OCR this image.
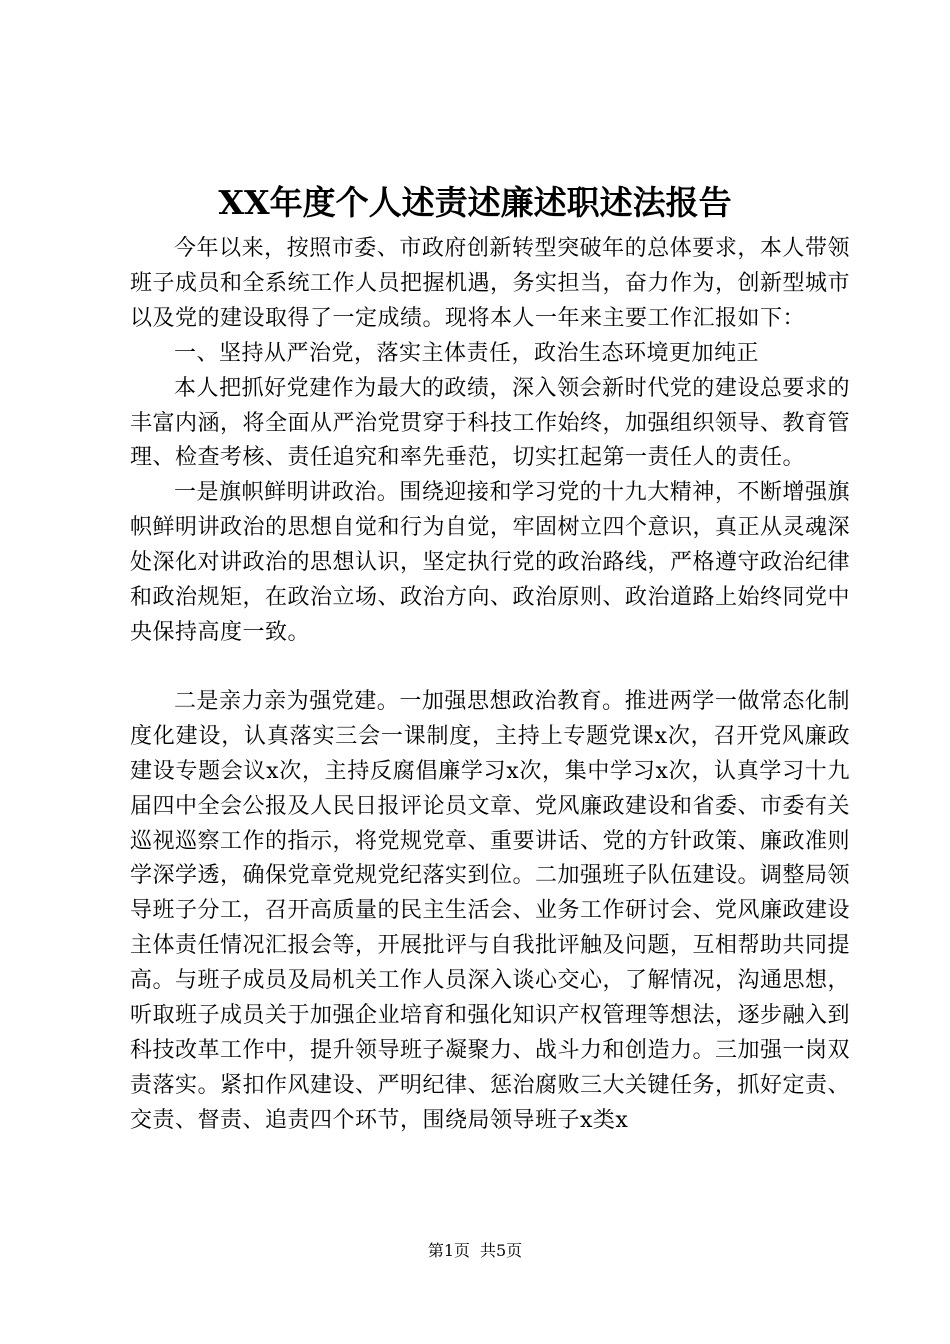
XX年度个人述责述廉述职述法报告

今年以来，按照市委、市政府创新转型突破年的总体要求，本人带领班子成员和全系统工作人员把握机遇，务实担当，奋力作为，创新型城市以及党的建设取得了一定成绩。现将本人一年来主要工作汇报如下：

一、坚持从严治党，落实主体责任，政治生态环境更加纯正

本人把抓好党建作为最大的政绩，深入领会新时代党的建设总要求的丰富内涵，将全面从严治党贯穿于科技工作始终，加强组织领导、教育管理、检查考核、责任追究和率先垂范，切实扛起第一责任人的责任。

一是旗帜鲜明讲政治。围绕迎接和学习党的十九大精神，不断增强旗帜鲜明讲政治的思想自觉和行为自觉，牢固树立四个意识，真正从灵魂深处深化对讲政治的思想认识，坚定执行党的政治路线，严格遵守政治纪律和政治规矩，在政治立场、政治方向、政治原则、政治道路上始终同党中央保持高度一致。

二是亲力亲为强党建。一加强思想政治教育。推进两学一做常态化制度化建设，认真落实三会一课制度，主持上专题党课x次，召开党风廉政建设专题会议x次，主持反腐倡廉学习x次，集中学习x次，认真学习十九届四中全会公报及人民日报评论员文章、党风廉政建设和省委、市委有关巡视巡察工作的指示，将党规党章、重要讲话、党的方针政策、廉政准则学深学透，确保党章党规党纪落实到位。二加强班子队伍建设。调整局领导班子分工，召开高质量的民主生活会、业务工作研讨会、党风廉政建设主体责任情况汇报会等，开展批评与自我批评触及问题，互相帮助共同提高。与班子成员及局机关工作人员深入谈心交心，了解情况，沟通思想，听取班子成员关于加强企业培育和强化知识产权管理等想法，逐步融入到科技改革工作中，提升领导班子凝聚力、战斗力和创造力。三加强一岗双责落实。紧扣作风建设、严明纪律、惩治腐败三大关键任务，抓好定责、交责、督责、追责四个环节，围绕局领导班子x类x

第1页 共5页
